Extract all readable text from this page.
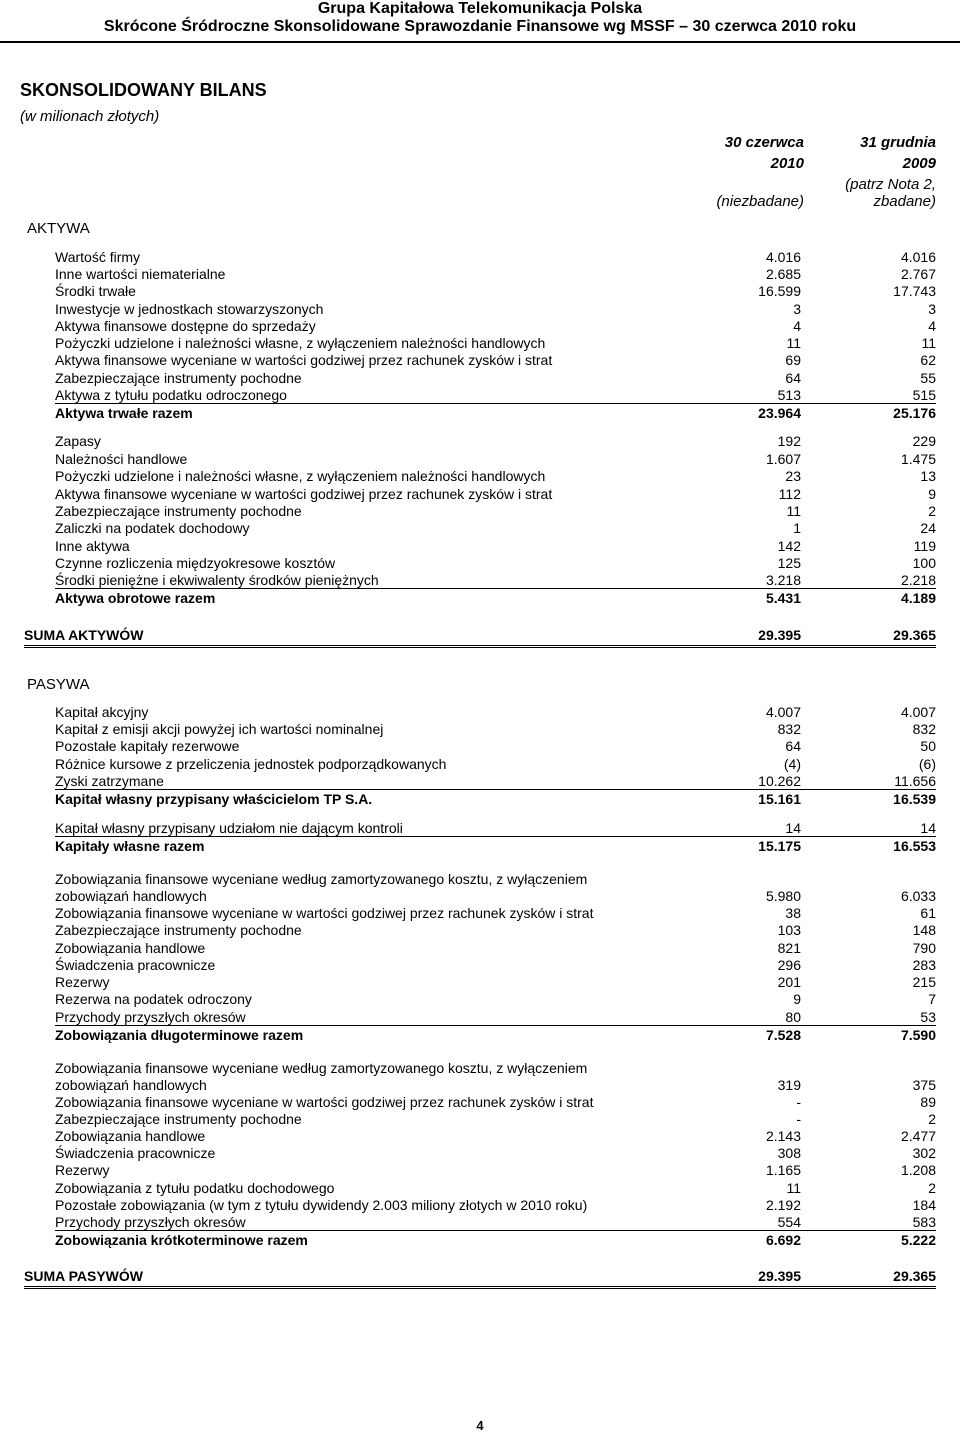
Grupa Kapitałowa Telekomunikacja Polska
Skrócone Śródroczne Skonsolidowane Sprawozdanie Finansowe wg MSSF – 30 czerwca 2010 roku
SKONSOLIDOWANY BILANS
(w milionach złotych)
30 czerwca	31 grudnia
2010	2009
(patrz Nota 2,
(niezbadane)	zbadane)
AKTYWA
Wartość firmy	4.016	4.016
Inne wartości niematerialne	2.685	2.767
Środki trwałe	16.599	17.743
Inwestycje w jednostkach stowarzyszonych	3	3
Aktywa finansowe dostępne do sprzedaży	4	4
Pożyczki udzielone i należności własne, z wyłączeniem należności handlowych	11	11
Aktywa finansowe wyceniane w wartości godziwej przez rachunek zysków i strat	69	62
Zabezpieczające instrumenty pochodne	64	55
Aktywa z tytułu podatku odroczonego	513	515
Aktywa trwałe razem	23.964	25.176
Zapasy	192	229
Należności handlowe	1.607	1.475
Pożyczki udzielone i należności własne, z wyłączeniem należności handlowych	23	13
Aktywa finansowe wyceniane w wartości godziwej przez rachunek zysków i strat	112	9
Zabezpieczające instrumenty pochodne	11	2
Zaliczki na podatek dochodowy	1	24
Inne aktywa	142	119
Czynne rozliczenia międzyokresowe kosztów	125	100
Środki pieniężne i ekwiwalenty środków pieniężnych	3.218	2.218
Aktywa obrotowe razem	5.431	4.189
SUMA AKTYWÓW	29.395	29.365
PASYWA
Kapitał akcyjny	4.007	4.007
Kapitał z emisji akcji powyżej ich wartości nominalnej	832	832
Pozostałe kapitały rezerwowe	64	50
Różnice kursowe z przeliczenia jednostek podporządkowanych	(4)	(6)
Zyski zatrzymane	10.262	11.656
Kapitał własny przypisany właścicielom TP S.A.	15.161	16.539
Kapitał własny przypisany udziałom nie dającym kontroli	14	14
Kapitały własne razem	15.175	16.553
Zobowiązania finansowe wyceniane według zamortyzowanego kosztu, z wyłączeniem
zobowiązań handlowych	5.980	6.033
Zobowiązania finansowe wyceniane w wartości godziwej przez rachunek zysków i strat	38	61
Zabezpieczające instrumenty pochodne	103	148
Zobowiązania handlowe	821	790
Świadczenia pracownicze	296	283
Rezerwy	201	215
Rezerwa na podatek odroczony	9	7
Przychody przyszłych okresów	80	53
Zobowiązania długoterminowe razem	7.528	7.590
Zobowiązania finansowe wyceniane według zamortyzowanego kosztu, z wyłączeniem
zobowiązań handlowych	319	375
Zobowiązania finansowe wyceniane w wartości godziwej przez rachunek zysków i strat	-	89
Zabezpieczające instrumenty pochodne	-	2
Zobowiązania handlowe	2.143	2.477
Świadczenia pracownicze	308	302
Rezerwy	1.165	1.208
Zobowiązania z tytułu podatku dochodowego	11	2
Pozostałe zobowiązania (w tym z tytułu dywidendy 2.003 miliony złotych w 2010 roku)	2.192	184
Przychody przyszłych okresów	554	583
Zobowiązania krótkoterminowe razem	6.692	5.222
SUMA PASYWÓW	29.395	29.365
4
